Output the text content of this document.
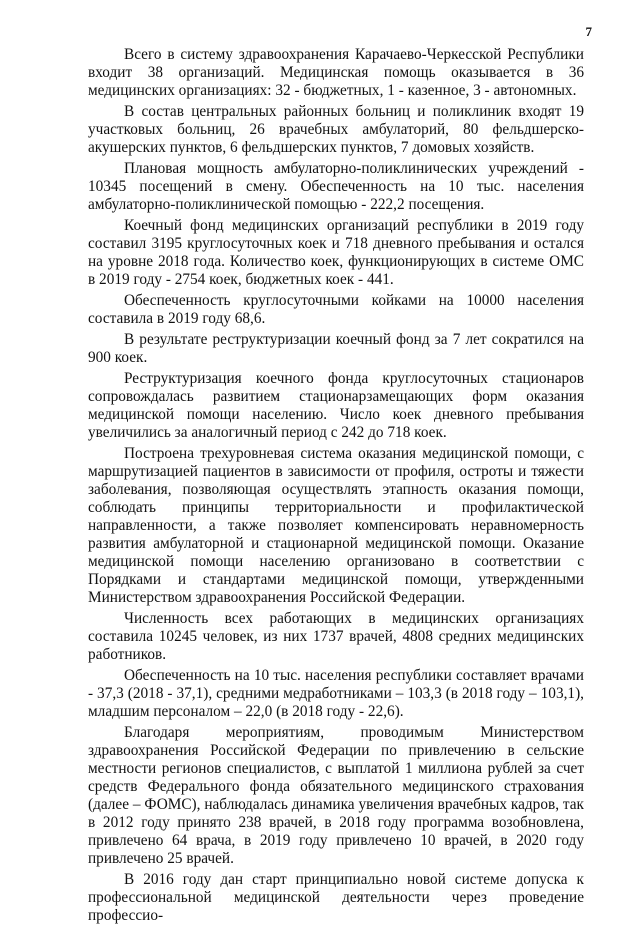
7

Всего в систему здравоохранения Карачаево-Черкесской Республики входит 38 организаций. Медицинская помощь оказывается в 36 медицинских организациях: 32 - бюджетных, 1 - казенное, 3 - автономных.

В состав центральных районных больниц и поликлиник входят 19 участковых больниц, 26 врачебных амбулаторий, 80 фельдшерско-акушерских пунктов, 6 фельдшерских пунктов, 7 домовых хозяйств.

Плановая мощность амбулаторно-поликлинических учреждений - 10345 посещений в смену. Обеспеченность на 10 тыс. населения амбулаторно-поликлинической помощью - 222,2 посещения.

Коечный фонд медицинских организаций республики в 2019 году составил 3195 круглосуточных коек и 718 дневного пребывания и остался на уровне 2018 года. Количество коек, функционирующих в системе ОМС в 2019 году - 2754 коек, бюджетных коек - 441.

Обеспеченность круглосуточными койками на 10000 населения составила в 2019 году 68,6.

В результате реструктуризации коечный фонд за 7 лет сократился на 900 коек.

Реструктуризация коечного фонда круглосуточных стационаров сопровождалась развитием стационарзамещающих форм оказания медицинской помощи населению. Число коек дневного пребывания увеличились за аналогичный период с 242 до 718 коек.

Построена трехуровневая система оказания медицинской помощи, с маршрутизацией пациентов в зависимости от профиля, остроты и тяжести заболевания, позволяющая осуществлять этапность оказания помощи, соблюдать принципы территориальности и профилактической направленности, а также позволяет компенсировать неравномерность развития амбулаторной и стационарной медицинской помощи. Оказание медицинской помощи населению организовано в соответствии с Порядками и стандартами медицинской помощи, утвержденными Министерством здравоохранения Российской Федерации.

Численность всех работающих в медицинских организациях составила 10245 человек, из них 1737 врачей, 4808 средних медицинских работников.

Обеспеченность на 10 тыс. населения республики составляет врачами - 37,3 (2018 - 37,1), средними медработниками – 103,3 (в 2018 году – 103,1), младшим персоналом – 22,0 (в 2018 году - 22,6).

Благодаря мероприятиям, проводимым Министерством здравоохранения Российской Федерации по привлечению в сельские местности регионов специалистов, с выплатой 1 миллиона рублей за счет средств Федерального фонда обязательного медицинского страхования (далее – ФОМС), наблюдалась динамика увеличения врачебных кадров, так в 2012 году принято 238 врачей, в 2018 году программа возобновлена, привлечено 64 врача, в 2019 году привлечено 10 врачей, в 2020 году привлечено 25 врачей.

В 2016 году дан старт принципиально новой системе допуска к профессиональной медицинской деятельности через проведение профессио-
